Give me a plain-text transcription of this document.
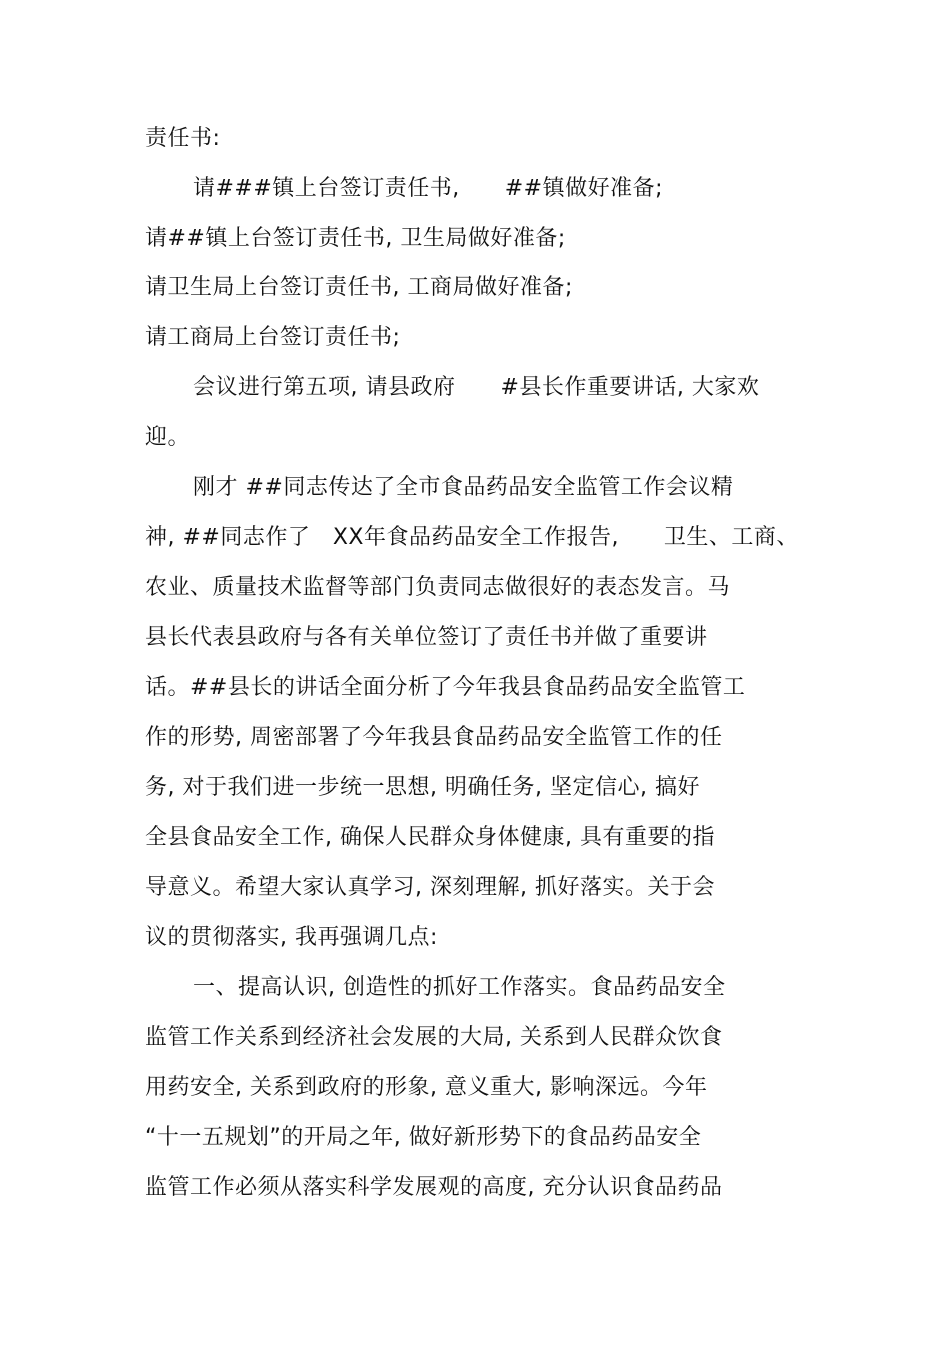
责任书:
请###镇上台签订责任书,      ##镇做好准备;
请##镇上台签订责任书, 卫生局做好准备;
请卫生局上台签订责任书, 工商局做好准备;
请工商局上台签订责任书;
会议进行第五项, 请县政府      #县长作重要讲话, 大家欢
迎。
刚才 ##同志传达了全市食品药品安全监管工作会议精
神, ##同志作了   XX年食品药品安全工作报告,      卫生、工商、
农业、质量技术监督等部门负责同志做很好的表态发言。马
县长代表县政府与各有关单位签订了责任书并做了重要讲
话。##县长的讲话全面分析了今年我县食品药品安全监管工
作的形势, 周密部署了今年我县食品药品安全监管工作的任
务, 对于我们进一步统一思想, 明确任务, 坚定信心, 搞好
全县食品安全工作, 确保人民群众身体健康, 具有重要的指
导意义。希望大家认真学习, 深刻理解, 抓好落实。关于会
议的贯彻落实, 我再强调几点:
一、提高认识, 创造性的抓好工作落实。食品药品安全
监管工作关系到经济社会发展的大局, 关系到人民群众饮食
用药安全, 关系到政府的形象, 意义重大, 影响深远。今年
“十一五规划”的开局之年, 做好新形势下的食品药品安全
监管工作必须从落实科学发展观的高度, 充分认识食品药品
